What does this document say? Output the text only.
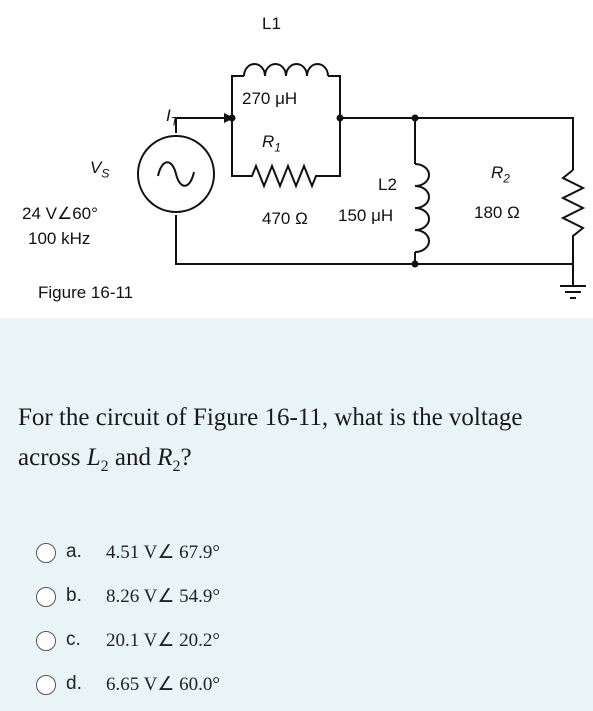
L1
270 μH
$R_1$
470 Ω
L2
150 μH
$R_2$
180 Ω
$V_S$
24 V∠60°
100 kHz
$I_T$
Figure 16-11
For the circuit of Figure 16-11, what is the voltage across $L_2$ and $R_2$?
a. 4.51 V∠ 67.9°
b. 8.26 V∠ 54.9°
c. 20.1 V∠ 20.2°
d. 6.65 V∠ 60.0°
